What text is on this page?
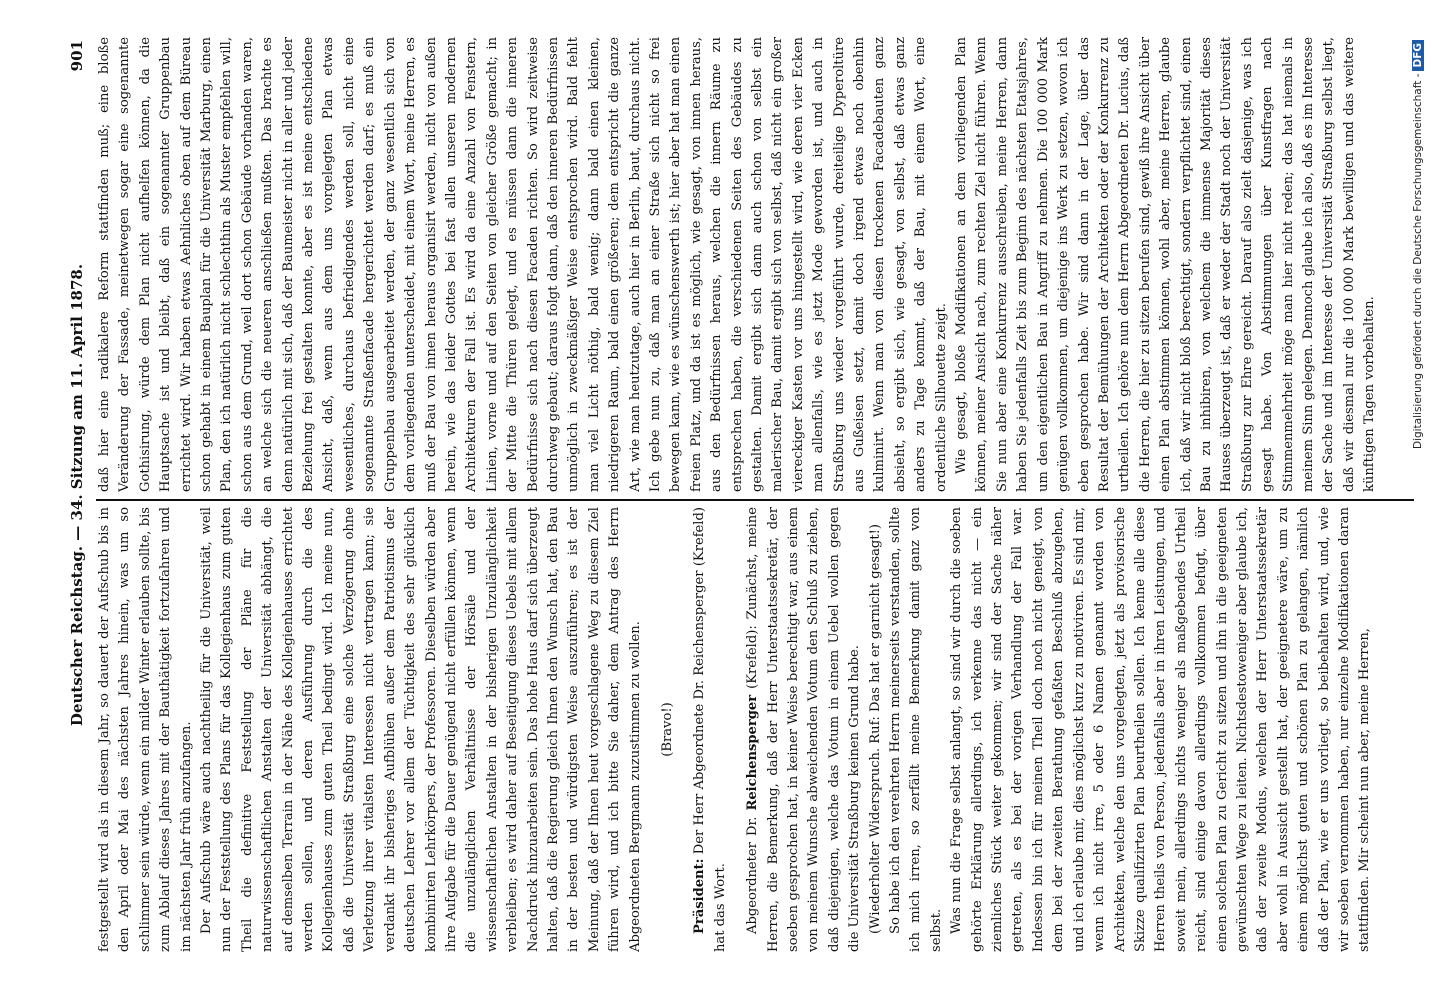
Deutscher Reichstag. — 34. Sitzung am 11. April 1878.
901

festgestellt wird als in diesem Jahr, so dauert der Aufschub bis in den April oder Mai des nächsten Jahres hinein, was um so schlimmer sein würde, wenn ein milder Winter erlauben sollte, bis zum Ablauf dieses Jahres mit der Bauthätigkeit fortzufahren und im nächsten Jahr früh anzufangen. Der Aufschub wäre auch nachtheilig für die Universität, weil nun der Feststellung des Plans für das Kollegienhaus zum guten Theil die definitive Feststellung der Pläne für die naturwissenschaftlichen Anstalten der Universität abhängt, die auf demselben Terrain in der Nähe des Kollegienhauses errichtet werden sollen, und deren Ausführung durch die des Kollegienhauses zum guten Theil bedingt wird. Ich meine nun, daß die Universität Straßburg eine solche Verzögerung ohne Verletzung ihrer vitalsten Interessen nicht vertragen kann; sie verdankt ihr bisheriges Aufblühen außer dem Patriotismus der deutschen Lehrer vor allem der Tüchtigkeit des sehr glücklich kombinirten Lehrkörpers, der Professoren. Dieselben würden aber ihre Aufgabe für die Dauer genügend nicht erfüllen können, wenn die unzulänglichen Verhältnisse der Hörsäle und der wissenschaftlichen Anstalten in der bisherigen Unzulänglichkeit verbleiben; es wird daher auf Beseitigung dieses Uebels mit allem Nachdruck hinzuarbeiten sein. Das hohe Haus darf sich überzeugt halten, daß die Regierung gleich Ihnen den Wunsch hat, den Bau in der besten und würdigsten Weise auszuführen; es ist der Meinung, daß der Ihnen heut vorgeschlagene Weg zu diesem Ziel führen wird, und ich bitte Sie daher, dem Antrag des Herrn Abgeordneten Bergmann zuzustimmen zu wollen. (Bravo!)

Präsident: Der Herr Abgeordnete Dr. Reichensperger (Krefeld) hat das Wort. Abgeordneter Dr. Reichensperger (Krefeld): Zunächst, meine Herren, die Bemerkung, daß der Herr Unterstaatssekretär, der soeben gesprochen hat, in keiner Weise berechtigt war, aus einem von meinem Wunsche abweichenden Votum den Schluß zu ziehen, daß diejenigen, welche das Votum in einem Uebel wollen gegen die Universität Straßburg keinen Grund habe. (Wiederholter Widerspruch. Ruf: Das hat er garnicht gesagt!) So habe ich den verehrten Herrn meinerseits verstanden, sollte ich mich irren, so zerfällt meine Bemerkung damit ganz von selbst. Was nun die Frage selbst anlangt, so sind wir durch die soeben gehörte Erklärung allerdings, ich verkenne das nicht — ein ziemliches Stück weiter gekommen; wir sind der Sache näher getreten, als es bei der vorigen Verhandlung der Fall war. Indessen bin ich für meinen Theil doch noch nicht geneigt, von dem bei der zweiten Berathung gefaßten Beschluß abzugehen, und ich erlaube mir, dies möglichst kurz zu motiviren. Es sind mir, wenn ich nicht irre, 5 oder 6 Namen genannt worden von Architekten, welche den uns vorgelegten, jetzt als provisorische Skizze qualifizirten Plan beurtheilen sollen. Ich kenne alle diese Herren theils von Person, jedenfalls aber in ihren Leistungen, und soweit mein, allerdings nichts weniger als maßgebendes Urtheil reicht, sind einige davon allerdings vollkommen befugt, über einen solchen Plan zu Gericht zu sitzen und ihn in die geeigneten gewünschten Wege zu leiten. Nichtsdestoweniger aber glaube ich, daß der zweite Modus, welchen der Herr Unterstaatssekretär aber wohl in Aussicht gestellt hat, der geeignetere wäre, um zu einem möglichst guten und schönen Plan zu gelangen, nämlich daß der Plan, wie er uns vorliegt, so beibehalten wird, und, wie wir soeben vernommen haben, nur einzelne Modifikationen daran stattfinden. Mir scheint nun aber, meine Herren,

daß hier eine radikalere Reform stattfinden muß; eine bloße Veränderung der Fassade, meinetwegen sogar eine sogenannte Gothisirung, würde dem Plan nicht aufhelfen können, da die Hauptsache ist und bleibt, daß ein sogenannter Gruppenbau errichtet wird. Wir haben etwas Aehnliches oben auf dem Büreau schon gehabt in einem Bauplan für die Universität Marburg, einen Plan, den ich natürlich nicht schlechthin als Muster empfehlen will, schon aus dem Grund, weil dort schon Gebäude vorhanden waren, an welche sich die neueren anschließen mußten. Das brachte es denn natürlich mit sich, daß der Baumeister nicht in aller und jeder Beziehung frei gestalten konnte, aber es ist meine entschiedene Ansicht, daß, wenn aus dem uns vorgelegten Plan etwas wesentliches, durchaus befriedigendes werden soll, nicht eine sogenannte Straßenfacade hergerichtet werden darf; es muß ein Gruppenbau ausgearbeitet werden, der ganz wesentlich sich von dem vorliegenden unterscheidet, mit einem Wort, meine Herren, es muß der Bau von innen heraus organisirt werden, nicht von außen herein, wie das leider Gottes bei fast allen unseren modernen Architekturen der Fall ist. Es wird da eine Anzahl von Fenstern, Linien, vorne und auf den Seiten von gleicher Größe gemacht; in der Mitte die Thüren gelegt, und es müssen dann die inneren Bedürfnisse sich nach diesen Facaden richten. So wird zeitweise durchweg gebaut; daraus folgt dann, daß den inneren Bedürfnissen unmöglich in zweckmäßiger Weise entsprochen wird. Bald fehlt man viel Licht nöthig, bald wenig; dann bald einen kleinen, niedrigeren Raum, bald einen größeren; dem entspricht die ganze Art, wie man heutzutage, auch hier in Berlin, baut, durchaus nicht. Ich gebe nun zu, daß man an einer Straße sich nicht so frei bewegen kann, wie es wünschenswerth ist; hier aber hat man einen freien Platz, und da ist es möglich, wie gesagt, von innen heraus, aus den Bedürfnissen heraus, welchen die innern Räume zu entsprechen haben, die verschiedenen Seiten des Gebäudes zu gestalten. Damit ergibt sich dann auch schon von selbst ein malerischer Bau, damit ergibt sich von selbst, daß nicht ein großer viereckiger Kasten vor uns hingestellt wird, wie deren vier Ecken man allenfalls, wie es jetzt Mode geworden ist, und auch in Straßburg uns wieder vorgeführt wurde, dreiteilige Dyperoltüre aus Gußeisen setzt, damit doch irgend etwas noch obenhin kulminirt. Wenn man von diesen trockenen Facadebauten ganz absieht, so ergibt sich, wie gesagt, von selbst, daß etwas ganz anders zu Tage kommt, daß der Bau, mit einem Wort, eine ordentliche Silhouette zeigt. Wie gesagt, bloße Modifikationen an dem vorliegenden Plan können, meiner Ansicht nach, zum rechten Ziel nicht führen. Wenn Sie nun aber eine Konkurrenz ausschreiben, meine Herren, dann haben Sie jedenfalls Zeit bis zum Beginn des nächsten Etatsjahres, um den eigentlichen Bau in Angriff zu nehmen. Die 100 000 Mark genügen vollkommen, um diejenige ins Werk zu setzen, wovon ich eben gesprochen habe. Wir sind dann in der Lage, über das Resultat der Bemühungen der Architekten oder der Konkurrenz zu urtheilen. Ich gehöre nun dem Herrn Abgeordneten Dr. Lucius, daß die Herren, die hier zu sitzen berufen sind, gewiß ihre Ansicht über einen Plan abstimmen können, wohl aber, meine Herren, glaube ich, daß wir nicht bloß berechtigt, sondern verpflichtet sind, einen Bau zu inhibiren, von welchem die immense Majorität dieses Hauses überzeugt ist, daß er weder der Stadt noch der Universität Straßburg zur Ehre gereicht. Darauf also zielt dasjenige, was ich gesagt habe. Von Abstimmungen über Kunstfragen nach Stimmenmehrheit möge man hier nicht reden; das hat niemals in meinem Sinn gelegen. Dennoch glaube ich also, daß es im Interesse der Sache und im Interesse der Universität Straßburg selbst liegt, daß wir diesmal nur die 100 000 Mark bewilligen und das weitere künftigen Tagen vorbehalten.	Digitalisierung gefördert durch die Deutsche Forschungsgemeinschaft -DFG
